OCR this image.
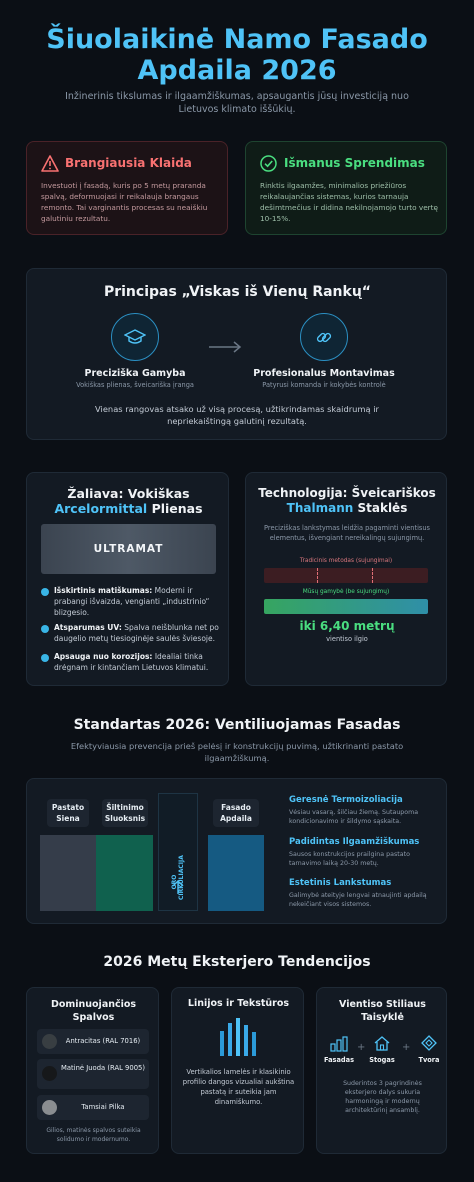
Šiuolaikinė Namo Fasado Apdaila 2026
Inžinerinis tikslumas ir ilgaamžiškumas, apsaugantis jūsų investiciją nuo Lietuvos klimato iššūkių.
Brangiausia Klaida
Investuoti į fasadą, kuris po 5 metų praranda spalvą, deformuojasi ir reikalauja brangaus remonto. Tai varginantis procesas su neaiškiu galutiniu rezultatu.
Išmanus Sprendimas
Rinktis ilgaamžes, minimalios priežiūros reikalaujančias sistemas, kurios tarnauja dešimtmečius ir didina nekilnojamojo turto vertę 10-15%.
Principas „Viskas iš Vienų Rankų“
Preciziška Gamyba
Vokiškas plienas, šveicariška įranga
Profesionalus Montavimas
Patyrusi komanda ir kokybės kontrolė
Vienas rangovas atsako už visą procesą, užtikrindamas skaidrumą ir nepriekaištingą galutinį rezultatą.
Žaliava: Vokiškas
Arcelormittal Plienas
ULTRAMAT
Išskirtinis matiškumas: Moderni ir prabangi išvaizda, vengianti „industrinio“ blizgesio.
Atsparumas UV: Spalva neišblunka net po daugelio metų tiesioginėje saulės šviesoje.
Apsauga nuo korozijos: Idealiai tinka drėgnam ir kintančiam Lietuvos klimatui.
Technologija: Šveicariškos
Thalmann Staklės
Preciziškas lankstymas leidžia pagaminti vientisus elementus, išvengiant nereikalingų sujungimų.
Tradicinis metodas (sujungimai)
Mūsų gamybė (be sujungimų)
iki 6,40 metrų
vientiso ilgio
Standartas 2026: Ventiliuojamas Fasadas
Efektyviausia prevencija prieš pelėsį ir konstrukcijų puvimą, užtikrinanti pastato ilgaamžiškumą.
Pastato Siena
Šiltinimo Sluoksnis
Fasado Apdaila
ORO CIRKULIACIJA
Geresnė Termoizoliacija
Vėsiau vasarą, šilčiau žiemą. Sutaupoma kondicionavimo ir šildymo sąskaita.
Padidintas Ilgaamžiškumas
Sausos konstrukcijos prailgina pastato tarnavimo laiką 20-30 metų.
Estetinis Lankstumas
Galimybė ateityje lengvai atnaujinti apdailą nekeičiant visos sistemos.
2026 Metų Eksterjero Tendencijos
Dominuojančios Spalvos
Antracitas (RAL 7016)
Matinė Juoda (RAL 9005)
Tamsiai Pilka
Gilios, matinės spalvos suteikia solidumo ir modernumo.
Linijos ir Tekstūros
Vertikalios lamelės ir klasikinio profilio dangos vizualiai aukština pastatą ir suteikia jam dinamiškumo.
Vientiso Stiliaus Taisyklė
+	+
Fasadas	Stogas	Tvora
Suderintos 3 pagrindinės eksterjero dalys sukuria harmoningą ir modernų architektūrinį ansamblį.
